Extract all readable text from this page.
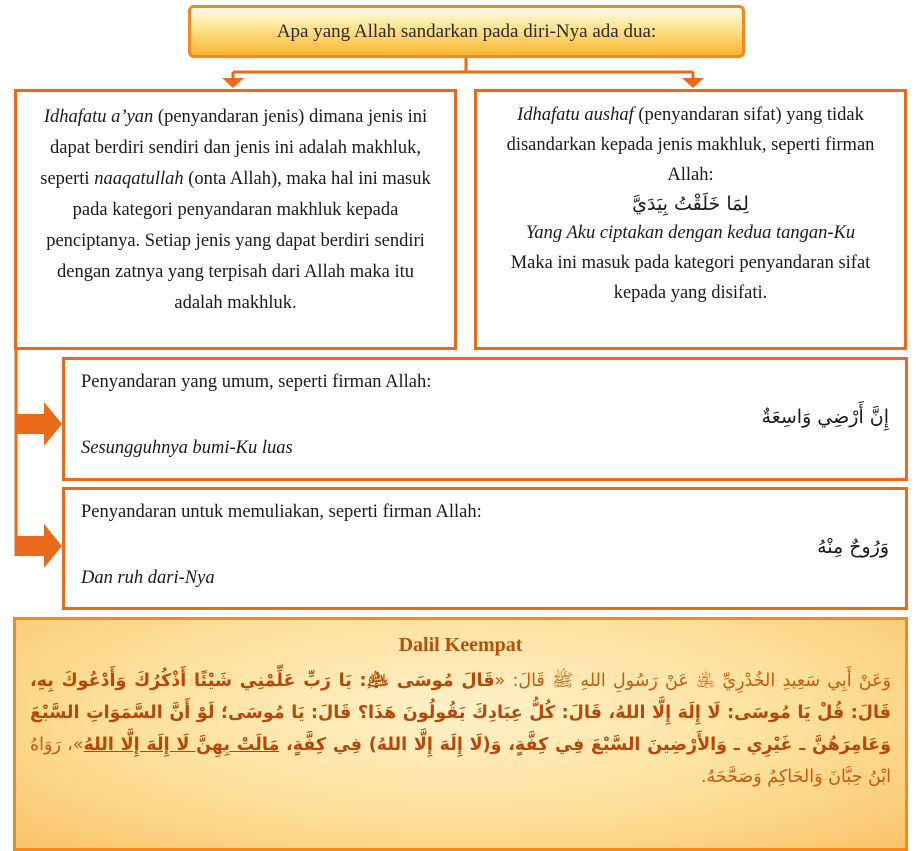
Apa yang Allah sandarkan pada diri-Nya ada dua:
Idhafatu a’yan (penyandaran jenis) dimana jenis ini dapat berdiri sendiri dan jenis ini adalah makhluk, seperti naaqatullah (onta Allah), maka hal ini masuk pada kategori penyandaran makhluk kepada penciptanya. Setiap jenis yang dapat berdiri sendiri dengan zatnya yang terpisah dari Allah maka itu adalah makhluk.
Idhafatu aushaf (penyandaran sifat) yang tidak disandarkan kepada jenis makhluk, seperti firman Allah:
لِمَا خَلَقْتُ بِيَدَيَّ
Yang Aku ciptakan dengan kedua tangan-Ku
Maka ini masuk pada kategori penyandaran sifat kepada yang disifati.
Penyandaran yang umum, seperti firman Allah:
إِنَّ أَرْضِي وَاسِعَةٌ
Sesungguhnya bumi-Ku luas
Penyandaran untuk memuliakan, seperti firman Allah:
وَرُوحٌ مِنْهُ
Dan ruh dari-Nya
Dalil Keempat
وَعَنْ أَبِي سَعِيدِ الخُدْرِيِّ ﵁ عَنْ رَسُولِ اللهِ ﷺ قَالَ: «قَالَ مُوسَى ﵇: يَا رَبِّ عَلِّمْنِي شَيْئًا أَذْكُرُكَ وَأَدْعُوكَ بِهِ، قَالَ: قُلْ يَا مُوسَى: لَا إِلَهَ إِلَّا اللهُ، قَالَ: كُلُّ عِبَادِكَ يَقُولُونَ هَذَا؟ قَالَ: يَا مُوسَى؛ لَوْ أَنَّ السَّمَوَاتِ السَّبْعَ وَعَامِرَهُنَّ ـ غَيْرِي ـ وَالأَرْضِينَ السَّبْعَ فِي كِفَّةٍ، وَ(لَا إِلَهَ إِلَّا اللهُ) فِي كِفَّةٍ، مَالَتْ بِهِنَّ لَا إِلَهَ إِلَّا اللهُ»، رَوَاهُ ابْنُ حِبَّانَ وَالحَاكِمُ وَصَحَّحَهُ.
